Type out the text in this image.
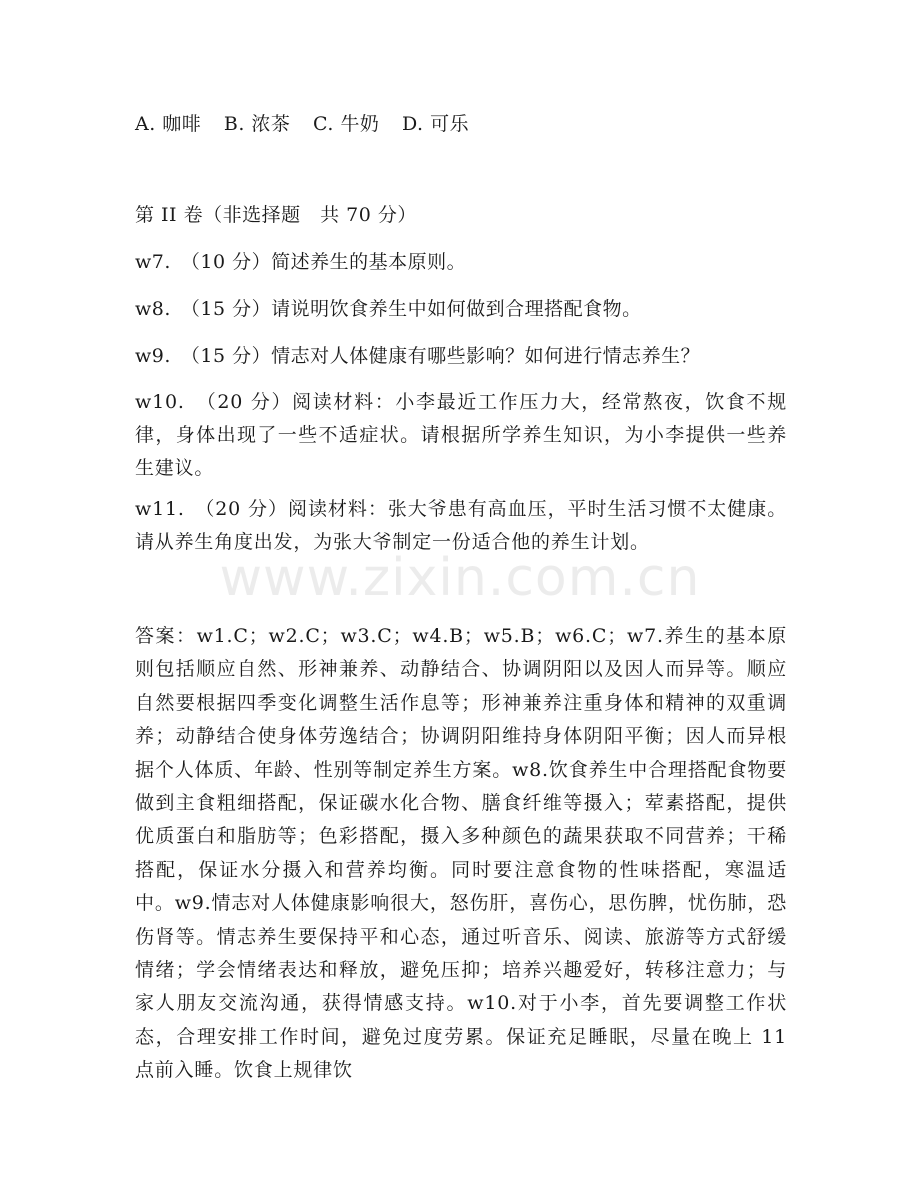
A. 咖啡 B. 浓茶 C. 牛奶 D. 可乐
第 II 卷（非选择题　共 70 分）
w7.　（10 分）简述养生的基本原则。
w8.　（15 分）请说明饮食养生中如何做到合理搭配食物。
w9.　（15 分）情志对人体健康有哪些影响？如何进行情志养生？
w10.　（20 分）阅读材料：小李最近工作压力大，经常熬夜，饮食不规律，身体出现了一些不适症状。请根据所学养生知识，为小李提供一些养生建议。
w11.　（20 分）阅读材料：张大爷患有高血压，平时生活习惯不太健康。请从养生角度出发，为张大爷制定一份适合他的养生计划。
www.zixin.com.cn
答案：w1.C；w2.C；w3.C；w4.B；w5.B；w6.C；w7.养生的基本原则包括顺应自然、形神兼养、动静结合、协调阴阳以及因人而异等。顺应自然要根据四季变化调整生活作息等；形神兼养注重身体和精神的双重调养；动静结合使身体劳逸结合；协调阴阳维持身体阴阳平衡；因人而异根据个人体质、年龄、性别等制定养生方案。w8.饮食养生中合理搭配食物要做到主食粗细搭配，保证碳水化合物、膳食纤维等摄入；荤素搭配，提供优质蛋白和脂肪等；色彩搭配，摄入多种颜色的蔬果获取不同营养；干稀搭配，保证水分摄入和营养均衡。同时要注意食物的性味搭配，寒温适中。w9.情志对人体健康影响很大，怒伤肝，喜伤心，思伤脾，忧伤肺，恐伤肾等。情志养生要保持平和心态，通过听音乐、阅读、旅游等方式舒缓情绪；学会情绪表达和释放，避免压抑；培养兴趣爱好，转移注意力；与家人朋友交流沟通，获得情感支持。w10.对于小李，首先要调整工作状态，合理安排工作时间，避免过度劳累。保证充足睡眠，尽量在晚上 11 点前入睡。饮食上规律饮
